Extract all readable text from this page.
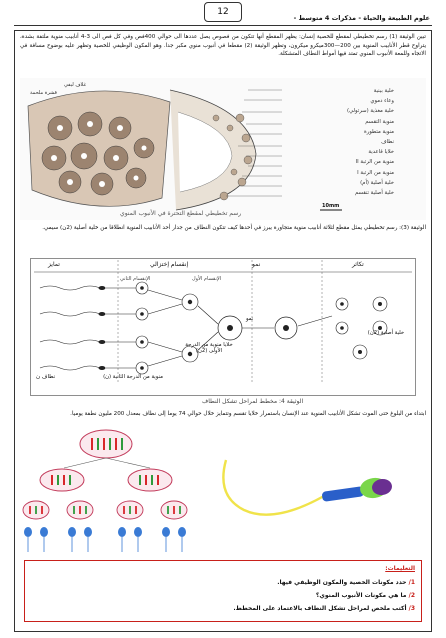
12
علوم الطبيعة والحياة - مذكرات 4 متوسط -
تبين الوثيقة (1) رسم تخطيطي لمقطع للخصية إنسان: يظهر المقطع أنها تتكون من فصوص يصل عددها الى حوالي 400فص وفي كل فص الى 3-4 أنابيب منوية ملتفة بشدة، يتراوح قطر الأنابيب المنوية بين 200—300ميكرو ميكرون، وتظهر الوثيقة (2) مقطعا في أنبوب منوي مكبر جدا. وهو المكون الوظيفي للخصية وتظهر عليه بوضوح مسافة في الاتجاه وللمعة الأنبوب المنوي تمتد فيها أمواط النطاف المتشكلة.
خلية بينية
وعاء دموي
خلية مغذية (سرتولي)
منوية التقسم
منوية متطورة
نطاف
خلايا قاعدية
منوية من الرتبة II
منوية من الرتبة I
خلية أصلية (أم)
خلية أصلية تنقسم
غلاف ليفي
قشرة ملحمة
10mm
رسم تخطيطي لمقطع التحترة في الأنبوب المنوي
الوثيقة (3): رسم تخطيطي يمثل مقطع لثلاثة أنابيب منوية متجاورة يبرز في أحدها كيف تتكون النطاف من جدار أحد الأنابيب المنوية انطلاقا من خلية أصلية (2ن) سيمي.
تمايز	إنقسام إختزالي	نمو	تكاثر
نطاف ن	منوية من الدرجة الثانية (ن)
خلايا منوية من الدرجة الأولى (2ن)
نمو
خلية أصلية (2ن)
الإنقسام الأول
الإنقسام الثاني
الوثيقة 4: مخطط لمراحل تشكل النطاف
ابتداء من البلوغ حتى الموت تشكل الأنابيب المنوية عند الإنسان باستمرار خلايا تقسم وتتمايز خلال حوالي 74 يوما إلى نطاف بمعدل 200 مليون نطفة يوميا.
التعليمات:
1/ حدد مكونات الخصية والمكون الوظيفي فيها.
2/ ما هي مكونات الأنبوب المنوي؟
3/ أكتب ملخص لمراحل تشكل النطاف بالاعتماد على المخطط.
